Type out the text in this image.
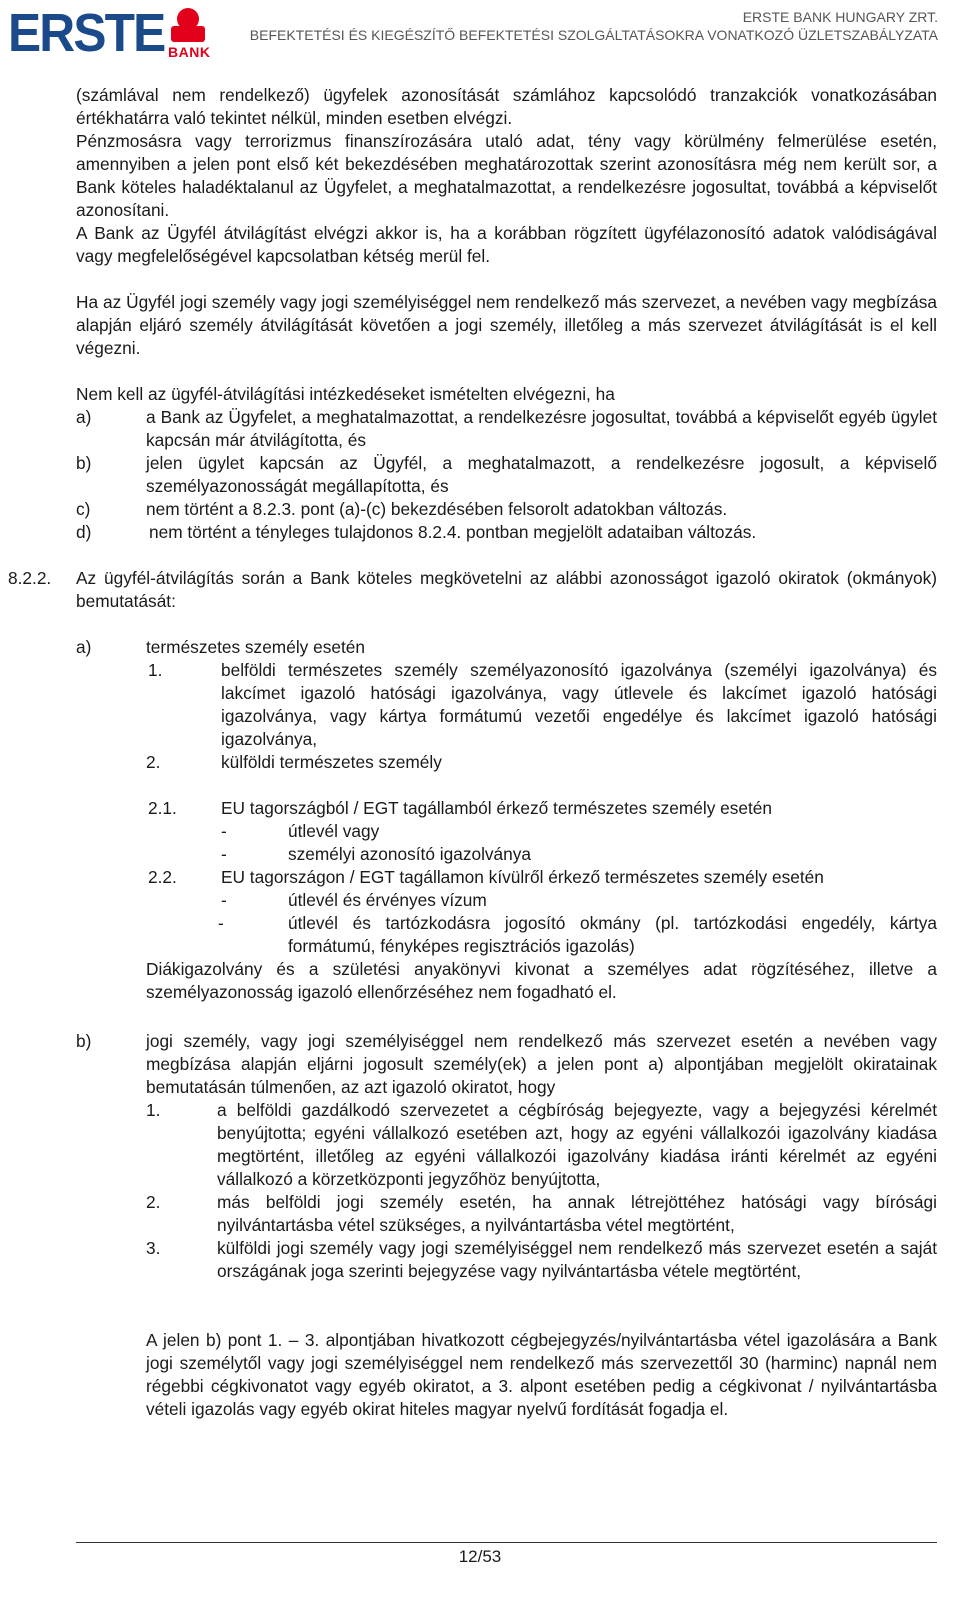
ERSTE BANK
ERSTE BANK HUNGARY ZRT.
BEFEKTETÉSI ÉS KIEGÉSZÍTŐ BEFEKTETÉSI SZOLGÁLTATÁSOKRA VONATKOZÓ ÜZLETSZABÁLYZATA
(számlával nem rendelkező) ügyfelek azonosítását számlához kapcsolódó tranzakciók vonatkozásában értékhatárra való tekintet nélkül, minden esetben elvégzi.
Pénzmosásra vagy terrorizmus finanszírozására utaló adat, tény vagy körülmény felmerülése esetén, amennyiben a jelen pont első két bekezdésében meghatározottak szerint azonosításra még nem került sor, a Bank köteles haladéktalanul az Ügyfelet, a meghatalmazottat, a rendelkezésre jogosultat, továbbá a képviselőt azonosítani.
A Bank az Ügyfél átvilágítást elvégzi akkor is, ha a korábban rögzített ügyfélazonosító adatok valódiságával vagy megfelelőségével kapcsolatban kétség merül fel.
Ha az Ügyfél jogi személy vagy jogi személyiséggel nem rendelkező más szervezet, a nevében vagy megbízása alapján eljáró személy átvilágítását követően a jogi személy, illetőleg a más szervezet átvilágítását is el kell végezni.
Nem kell az ügyfél-átvilágítási intézkedéseket ismételten elvégezni, ha
a)	a Bank az Ügyfelet, a meghatalmazottat, a rendelkezésre jogosultat, továbbá a képviselőt egyéb ügylet kapcsán már átvilágította, és
b)	jelen ügylet kapcsán az Ügyfél, a meghatalmazott, a rendelkezésre jogosult, a képviselő személyazonosságát megállapította, és
c)	nem történt a 8.2.3. pont (a)-(c) bekezdésében felsorolt adatokban változás.
d)	nem történt a tényleges tulajdonos 8.2.4. pontban megjelölt adataiban változás.
8.2.2. Az ügyfél-átvilágítás során a Bank köteles megkövetelni az alábbi azonosságot igazoló okiratok (okmányok) bemutatását:
a)	természetes személy esetén
1.	belföldi természetes személy személyazonosító igazolványa (személyi igazolványa) és lakcímet igazoló hatósági igazolványa, vagy útlevele és lakcímet igazoló hatósági igazolványa, vagy kártya formátumú vezetői engedélye és lakcímet igazoló hatósági igazolványa,
2.	külföldi természetes személy
2.1.	EU tagországból / EGT tagállamból érkező természetes személy esetén
-	útlevél vagy
-	személyi azonosító igazolványa
2.2.	EU tagországon / EGT tagállamon kívülről érkező természetes személy esetén
-	útlevél és érvényes vízum
-	útlevél és tartózkodásra jogosító okmány (pl. tartózkodási engedély, kártya formátumú, fényképes regisztrációs igazolás)
Diákigazolvány és a születési anyakönyvi kivonat a személyes adat rögzítéséhez, illetve a személyazonosság igazoló ellenőrzéséhez nem fogadható el.
b)	jogi személy, vagy jogi személyiséggel nem rendelkező más szervezet esetén a nevében vagy megbízása alapján eljárni jogosult személy(ek) a jelen pont a) alpontjában megjelölt okiratainak bemutatásán túlmenően, az azt igazoló okiratot, hogy
1.	a belföldi gazdálkodó szervezetet a cégbíróság bejegyezte, vagy a bejegyzési kérelmét benyújtotta; egyéni vállalkozó esetében azt, hogy az egyéni vállalkozói igazolvány kiadása megtörtént, illetőleg az egyéni vállalkozói igazolvány kiadása iránti kérelmét az egyéni vállalkozó a körzetközponti jegyzőhöz benyújtotta,
2.	más belföldi jogi személy esetén, ha annak létrejöttéhez hatósági vagy bírósági nyilvántartásba vétel szükséges, a nyilvántartásba vétel megtörtént,
3.	külföldi jogi személy vagy jogi személyiséggel nem rendelkező más szervezet esetén a saját országának joga szerinti bejegyzése vagy nyilvántartásba vétele megtörtént,
A jelen b) pont 1. – 3. alpontjában hivatkozott cégbejegyzés/nyilvántartásba vétel igazolására a Bank jogi személytől vagy jogi személyiséggel nem rendelkező más szervezettől 30 (harminc) napnál nem régebbi cégkivonatot vagy egyéb okiratot, a 3. alpont esetében pedig a cégkivonat / nyilvántartásba vételi igazolás vagy egyéb okirat hiteles magyar nyelvű fordítását fogadja el.
12/53
